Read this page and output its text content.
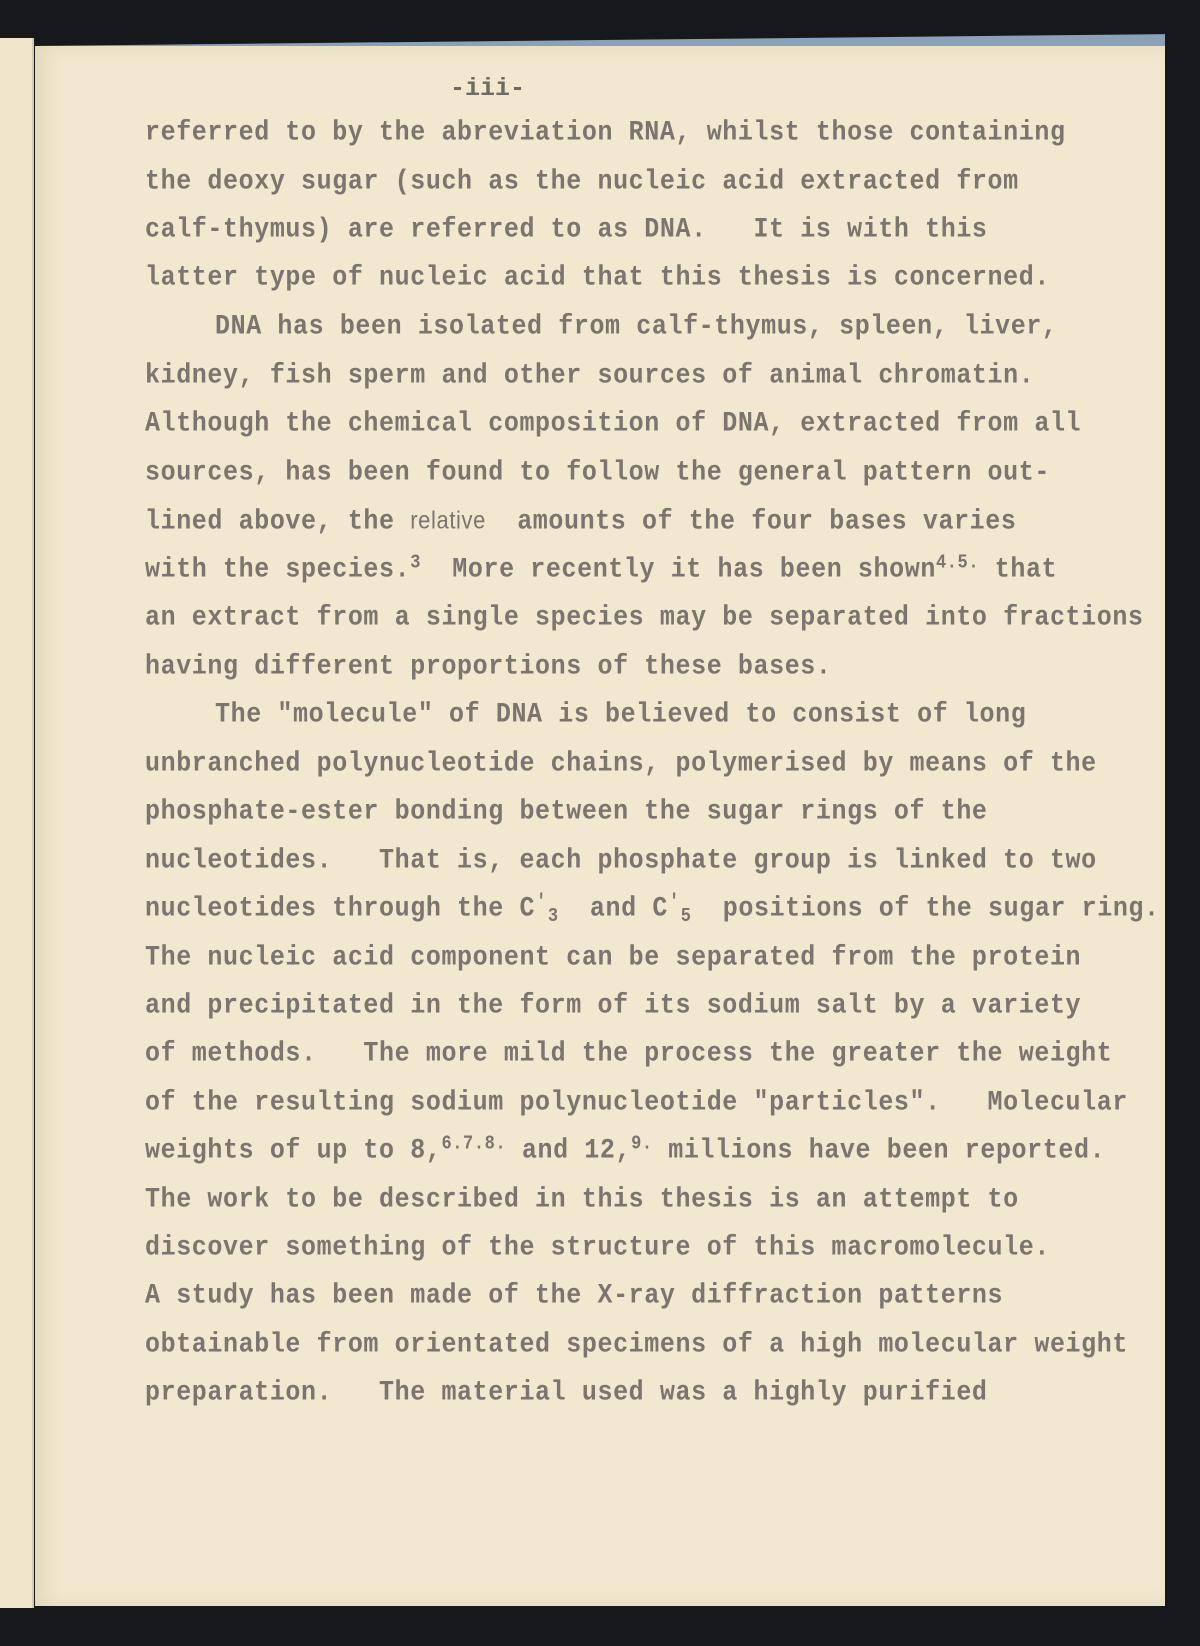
-iii-
referred to by the abreviation RNA, whilst those containing
the deoxy sugar (such as the nucleic acid extracted from
calf-thymus) are referred to as DNA.   It is with this
latter type of nucleic acid that this thesis is concerned.
DNA has been isolated from calf-thymus, spleen, liver,
kidney, fish sperm and other sources of animal chromatin.
Although the chemical composition of DNA, extracted from all
sources, has been found to follow the general pattern out-
lined above, the relative  amounts of the four bases varies
with the species.$^3$  More recently it has been shown$^{4.5.}$ that
an extract from a single species may be separated into fractions
having different proportions of these bases.
The "molecule" of DNA is believed to consist of long
unbranched polynucleotide chains, polymerised by means of the
phosphate-ester bonding between the sugar rings of the
nucleotides.   That is, each phosphate group is linked to two
nucleotides through the $C'_3$  and $C'_5$  positions of the sugar ring.
The nucleic acid component can be separated from the protein
and precipitated in the form of its sodium salt by a variety
of methods.   The more mild the process the greater the weight
of the resulting sodium polynucleotide "particles".   Molecular
weights of up to 8,$^{6.7.8.}$ and 12,$^{9.}$ millions have been reported.
The work to be described in this thesis is an attempt to
discover something of the structure of this macromolecule.
A study has been made of the X-ray diffraction patterns
obtainable from orientated specimens of a high molecular weight
preparation.   The material used was a highly purified
